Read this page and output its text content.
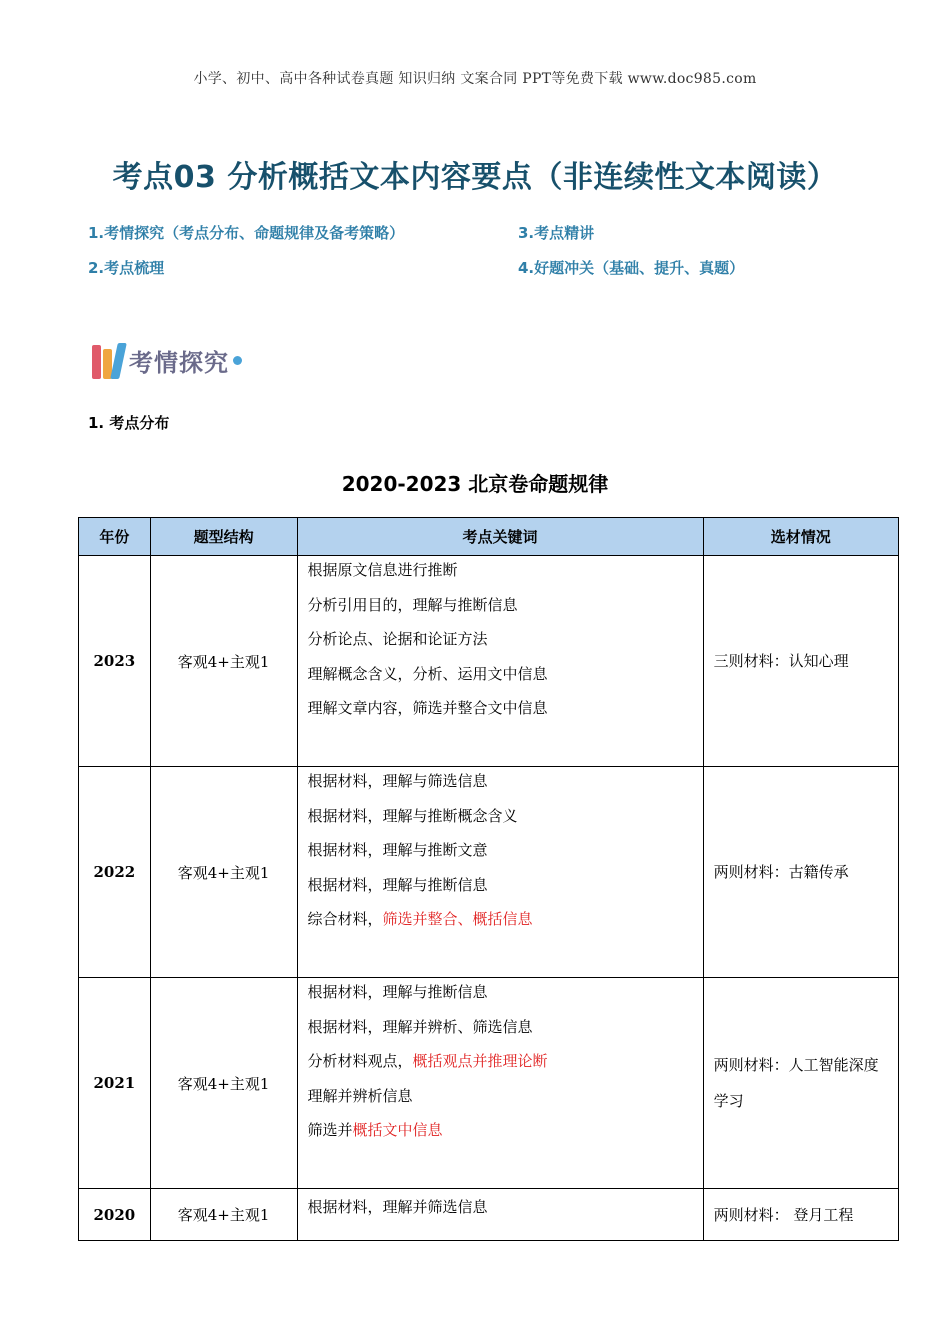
小学、初中、高中各种试卷真题 知识归纳 文案合同 PPT等免费下载 www.doc985.com
考点03 分析概括文本内容要点（非连续性文本阅读）
1.考情探究（考点分布、命题规律及备考策略）
2.考点梳理
3.考点精讲
4.好题冲关（基础、提升、真题）
考情探究
1. 考点分布
2020-2023 北京卷命题规律
年份	题型结构	考点关键词	选材情况
2023	客观4+主观1	根据原文信息进行推断
分析引用目的，理解与推断信息
分析论点、论据和论证方法
理解概念含义，分析、运用文中信息
理解文章内容，筛选并整合文中信息	三则材料：认知心理
2022	客观4+主观1	根据材料，理解与筛选信息
根据材料，理解与推断概念含义
根据材料，理解与推断文意
根据材料，理解与推断信息
综合材料，筛选并整合、概括信息	两则材料：古籍传承
2021	客观4+主观1	根据材料，理解与推断信息
根据材料，理解并辨析、筛选信息
分析材料观点，概括观点并推理论断
理解并辨析信息
筛选并概括文中信息	两则材料：人工智能深度学习
2020	客观4+主观1	根据材料，理解并筛选信息	两则材料： 登月工程
